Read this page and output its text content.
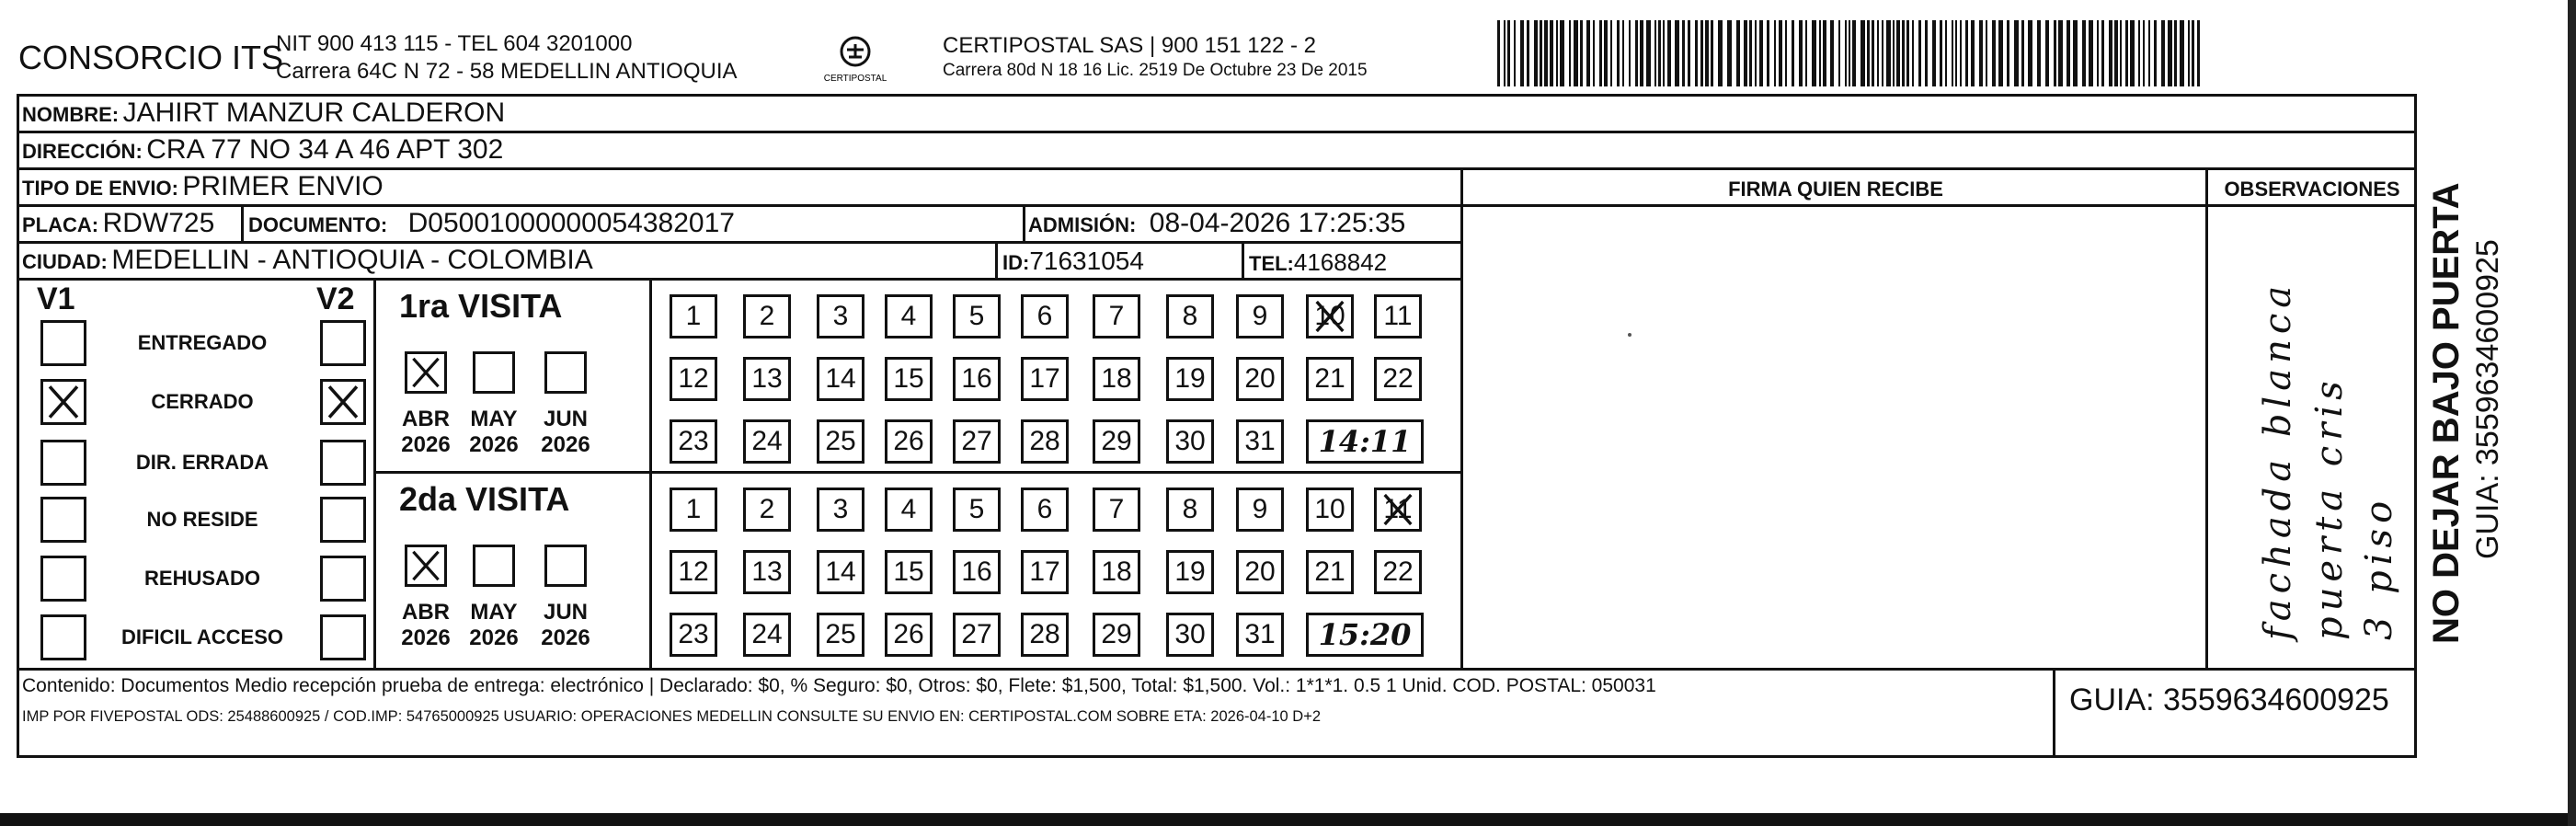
CONSORCIO ITS
NIT 900 413 115 - TEL 604 3201000
Carrera 64C N 72 - 58 MEDELLIN ANTIOQUIA	CERTIPOSTAL
CERTIPOSTAL SAS | 900 151 122 - 2
Carrera 80d N 18 16 Lic. 2519 De Octubre 23 De 2015
NOMBRE: JAHIRT MANZUR CALDERON
DIRECCIÓN: CRA 77 NO 34 A 46 APT 302
TIPO DE ENVIO: PRIMER ENVIO	FIRMA QUIEN RECIBE	OBSERVACIONES
PLACA: RDW725 DOCUMENTO: D05001000000054382017	ADMISIÓN: 08-04-2026 17:25:35
CIUDAD: MEDELLIN - ANTIOQUIA - COLOMBIA	ID:71631054	TEL:4168842
V1	V2
ENTREGADO
CERRADO
DIR. ERRADA
NO RESIDE
REHUSADO
DIFICIL ACCESO
1ra VISITA
ABR
2026
MAY
2026
JUN
2026
1 2 3 4 5 6 7 8 9 10 11
12 13 14 15 16 17 18 19 20 21 22
23 24 25 26 27 28 29 30 31	14:11
2da VISITA
ABR
2026
MAY
2026
JUN
2026
1 2 3 4 5 6 7 8 9 10 11
12 13 14 15 16 17 18 19 20 21 22
23 24 25 26 27 28 29 30 31	15:20	fachada blanca puerta cris 3 piso
Contenido: Documentos Medio recepción prueba de entrega: electrónico | Declarado: $0, % Seguro: $0, Otros: $0, Flete: $1,500, Total: $1,500. Vol.: 1*1*1. 0.5 1 Unid. COD. POSTAL: 050031
IMP POR FIVEPOSTAL ODS: 25488600925 / COD.IMP: 54765000925 USUARIO: OPERACIONES MEDELLIN CONSULTE SU ENVIO EN: CERTIPOSTAL.COM SOBRE ETA: 2026-04-10 D+2	GUIA: 3559634600925
NO DEJAR BAJO PUERTA GUIA: 3559634600925
